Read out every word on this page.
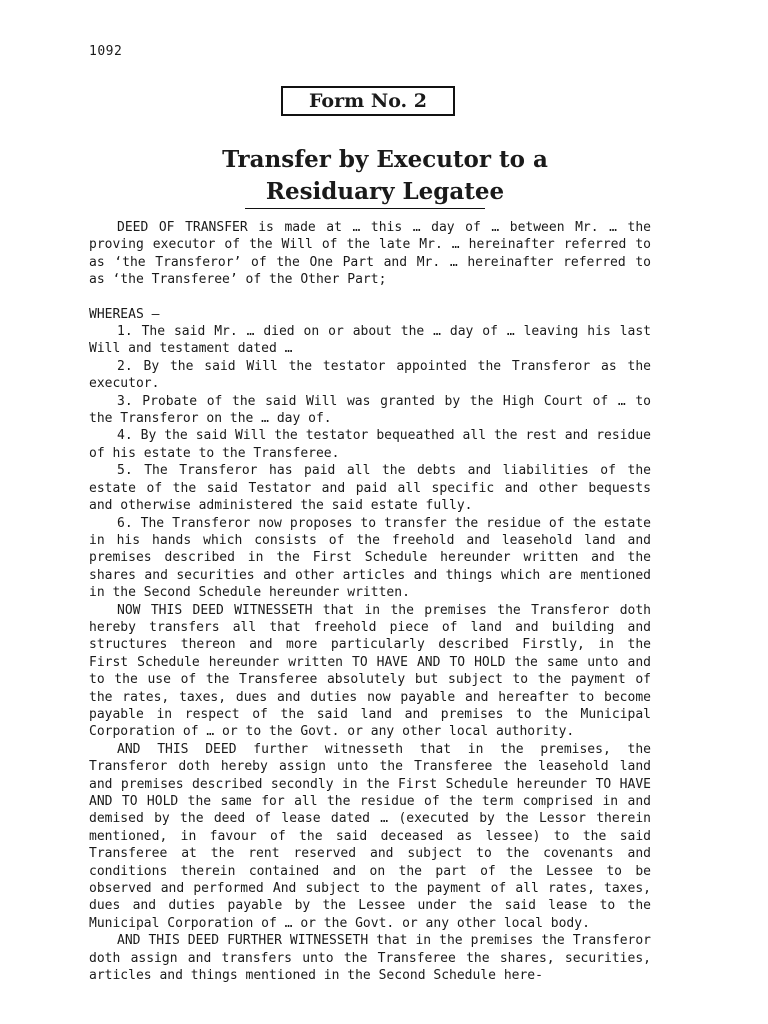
1092
Form No. 2
Transfer by Executor to a
Residuary Legatee

DEED OF TRANSFER is made at … this … day of … between Mr. … the proving executor of the Will of the late Mr. … hereinafter referred to as ‘the Transferor’ of the One Part and Mr. … hereinafter referred to as ‘the Transferee’ of the Other Part;

WHEREAS —

1. The said Mr. … died on or about the … day of … leaving his last Will and testament dated …

2. By the said Will the testator appointed the Transferor as the executor.

3. Probate of the said Will was granted by the High Court of … to the Transferor on the … day of.

4. By the said Will the testator bequeathed all the rest and residue of his estate to the Transferee.

5. The Transferor has paid all the debts and liabilities of the estate of the said Testator and paid all specific and other bequests and otherwise administered the said estate fully.

6. The Transferor now proposes to transfer the residue of the estate in his hands which consists of the freehold and leasehold land and premises described in the First Schedule hereunder written and the shares and securities and other articles and things which are mentioned in the Second Schedule hereunder written.

NOW THIS DEED WITNESSETH that in the premises the Transferor doth hereby transfers all that freehold piece of land and building and structures thereon and more particularly described Firstly, in the First Schedule hereunder written TO HAVE AND TO HOLD the same unto and to the use of the Transferee absolutely but subject to the payment of the rates, taxes, dues and duties now payable and hereafter to become payable in respect of the said land and premises to the Municipal Corporation of … or to the Govt. or any other local authority.

AND THIS DEED further witnesseth that in the premises, the Transferor doth hereby assign unto the Transferee the leasehold land and premises described secondly in the First Schedule hereunder TO HAVE AND TO HOLD the same for all the residue of the term comprised in and demised by the deed of lease dated … (executed by the Lessor therein mentioned, in favour of the said deceased as lessee) to the said Transferee at the rent reserved and subject to the covenants and conditions therein contained and on the part of the Lessee to be observed and performed And subject to the payment of all rates, taxes, dues and duties payable by the Lessee under the said lease to the Municipal Corporation of … or the Govt. or any other local body.

AND THIS DEED FURTHER WITNESSETH that in the premises the Transferor doth assign and transfers unto the Transferee the shares, securities, articles and things mentioned in the Second Schedule here-
